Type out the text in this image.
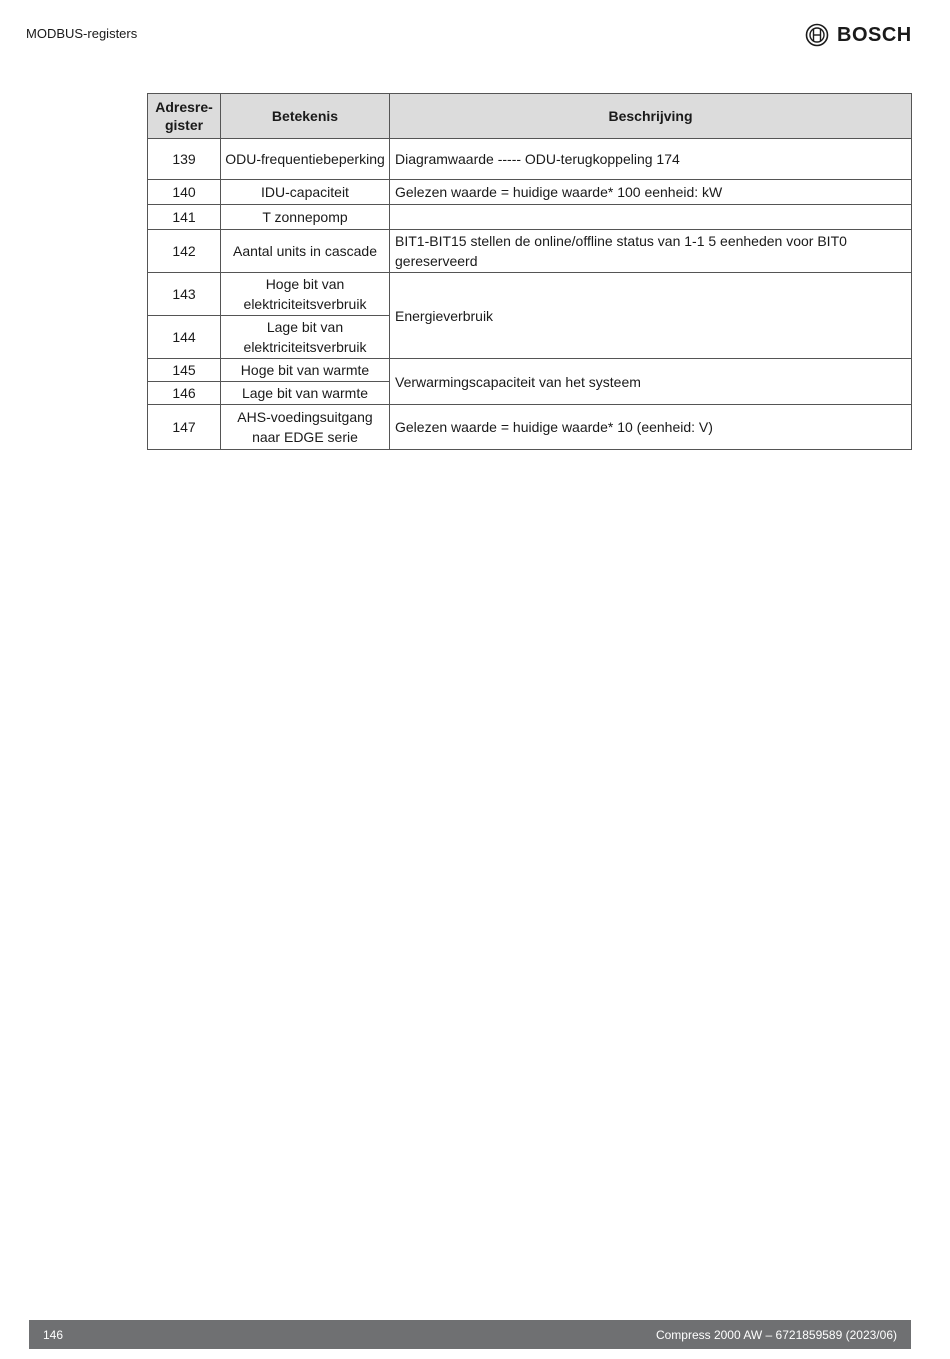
MODBUS-registers	BOSCH
Adresre-gister	Betekenis	Beschrijving
139	ODU-frequentiebeperking	Diagramwaarde ----- ODU-terugkoppeling 174
140	IDU-capaciteit	Gelezen waarde = huidige waarde* 100 eenheid: kW
141	T zonnepomp	
142	Aantal units in cascade	BIT1-BIT15 stellen de online/offline status van 1-1 5 eenheden voor BIT0 gereserveerd
143	Hoge bit van elektriciteitsverbruik	Energieverbruik
144	Lage bit van elektriciteitsverbruik	
145	Hoge bit van warmte	Verwarmingscapaciteit van het systeem
146	Lage bit van warmte	
147	AHS-voedingsuitgang naar EDGE serie	Gelezen waarde = huidige waarde* 10 (eenheid: V)
146	Compress 2000 AW – 6721859589 (2023/06)
